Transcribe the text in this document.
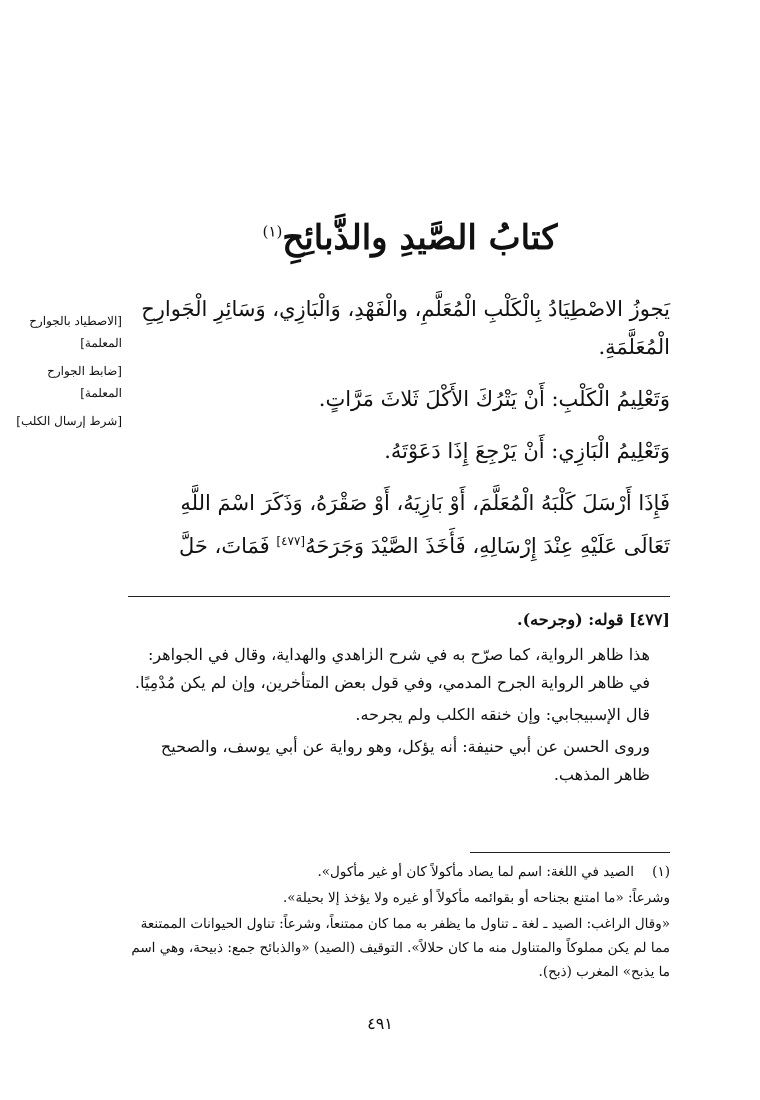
كتابُ الصَّيدِ والذَّبائِحِ$^{(١)}$
[الاصطياد بالجوارح المعلمة]
[ضابط الجوارح المعلمة]
[شرط إرسال الكلب]

يَجوزُ الاصْطِيَادُ بِالْكَلْبِ الْمُعَلَّمِ، والْفَهْدِ، وَالْبَازِي، وَسَائِرِ الْجَوارِحِ الْمُعَلَّمَةِ.

وَتَعْلِيمُ الْكَلْبِ: أَنْ يَتْرُكَ الأَكْلَ ثَلاثَ مَرَّاتٍ.

وَتَعْلِيمُ الْبَازِي: أَنْ يَرْجِعَ إِذَا دَعَوْتَهُ.

فَإِذَا أَرْسَلَ كَلْبَهُ الْمُعَلَّمَ، أَوْ بَازِيَهُ، أَوْ صَقْرَهُ، وَذَكَرَ اسْمَ اللَّهِ تَعَالَى عَلَيْهِ عِنْدَ إِرْسَالِهِ، فَأَخَذَ الصَّيْدَ وَجَرَحَهُ[٤٧٧] فَمَاتَ، حَلَّ

[٤٧٧] قوله: (وجرحه).

هذا ظاهر الرواية، كما صرّح به في شرح الزاهدي والهداية، وقال في الجواهر: في ظاهر الرواية الجرح المدمي، وفي قول بعض المتأخرين، وإن لم يكن مُدْمِيًا.

قال الإسبيجابي: وإن خنقه الكلب ولم يجرحه.

وروى الحسن عن أبي حنيفة: أنه يؤكل، وهو رواية عن أبي يوسف، والصحيح ظاهر المذهب.

(١)الصيد في اللغة: اسم لما يصاد مأكولاً كان أو غير مأكول».

وشرعاً: «ما امتنع بجناحه أو بقوائمه مأكولاً أو غيره ولا يؤخذ إلا بحيلة».

«وقال الراغب: الصيد ـ لغة ـ تناول ما يظفر به مما كان ممتنعاً، وشرعاً: تناول الحيوانات الممتنعة مما لم يكن مملوكاً والمتناول منه ما كان حلالاً». التوقيف (الصيد) «والذبائح جمع: ذبيحة، وهي اسم ما يذبح» المغرب (ذبح).

٤٩١
